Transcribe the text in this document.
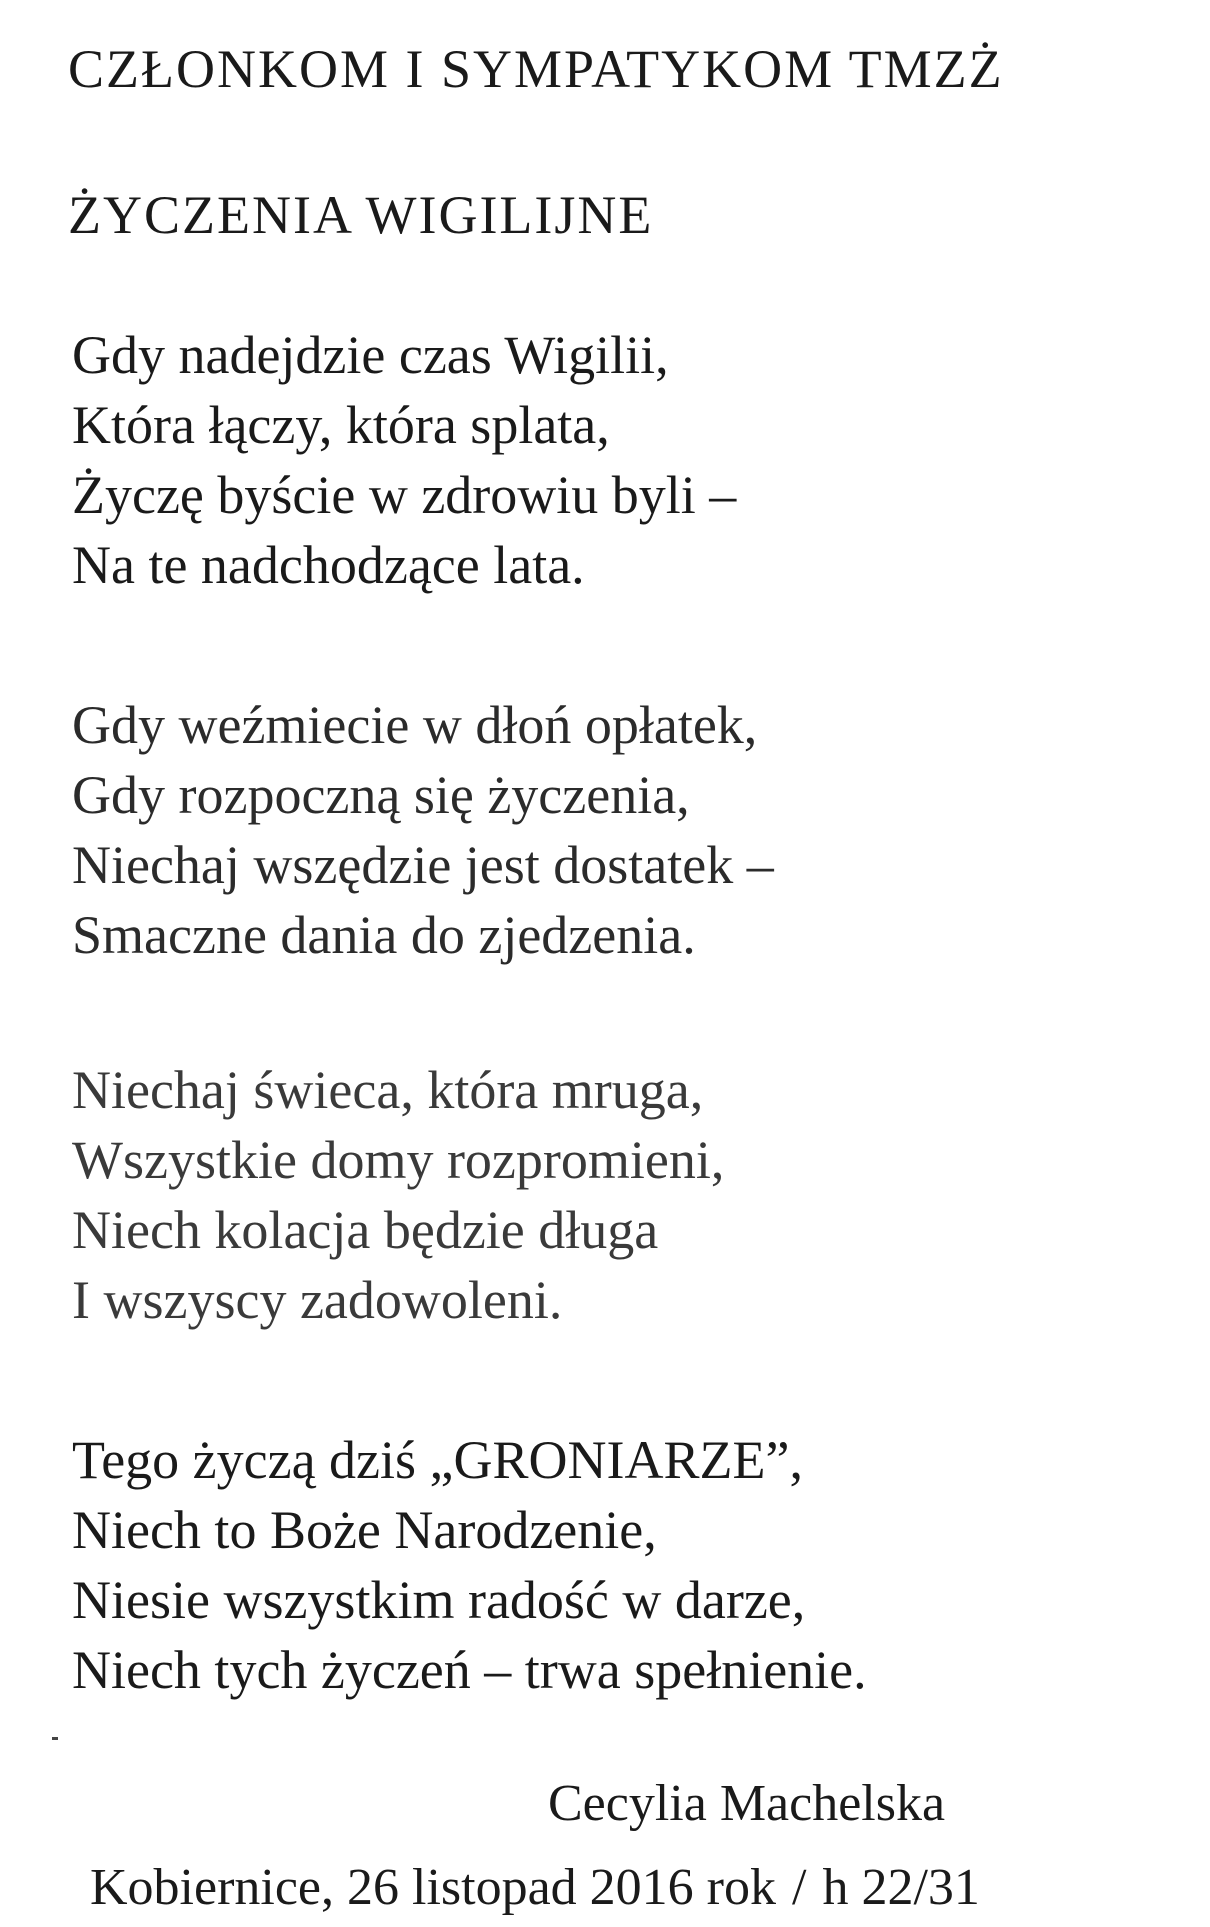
CZŁONKOM I SYMPATYKOM TMZŻ
ŻYCZENIA WIGILIJNE
Gdy nadejdzie czas Wigilii,
Która łączy, która splata,
Życzę byście w zdrowiu byli –
Na te nadchodzące lata.
Gdy weźmiecie w dłoń opłatek,
Gdy rozpoczną się życzenia,
Niechaj wszędzie jest dostatek –
Smaczne dania do zjedzenia.
Niechaj świeca, która mruga,
Wszystkie domy rozpromieni,
Niech kolacja będzie długa
I wszyscy zadowoleni.
Tego życzą dziś „GRONIARZE”,
Niech to Boże Narodzenie,
Niesie wszystkim radość w darze,
Niech tych życzeń – trwa spełnienie.
Cecylia Machelska
Kobiernice, 26 listopad 2016 rok / h 22/31
